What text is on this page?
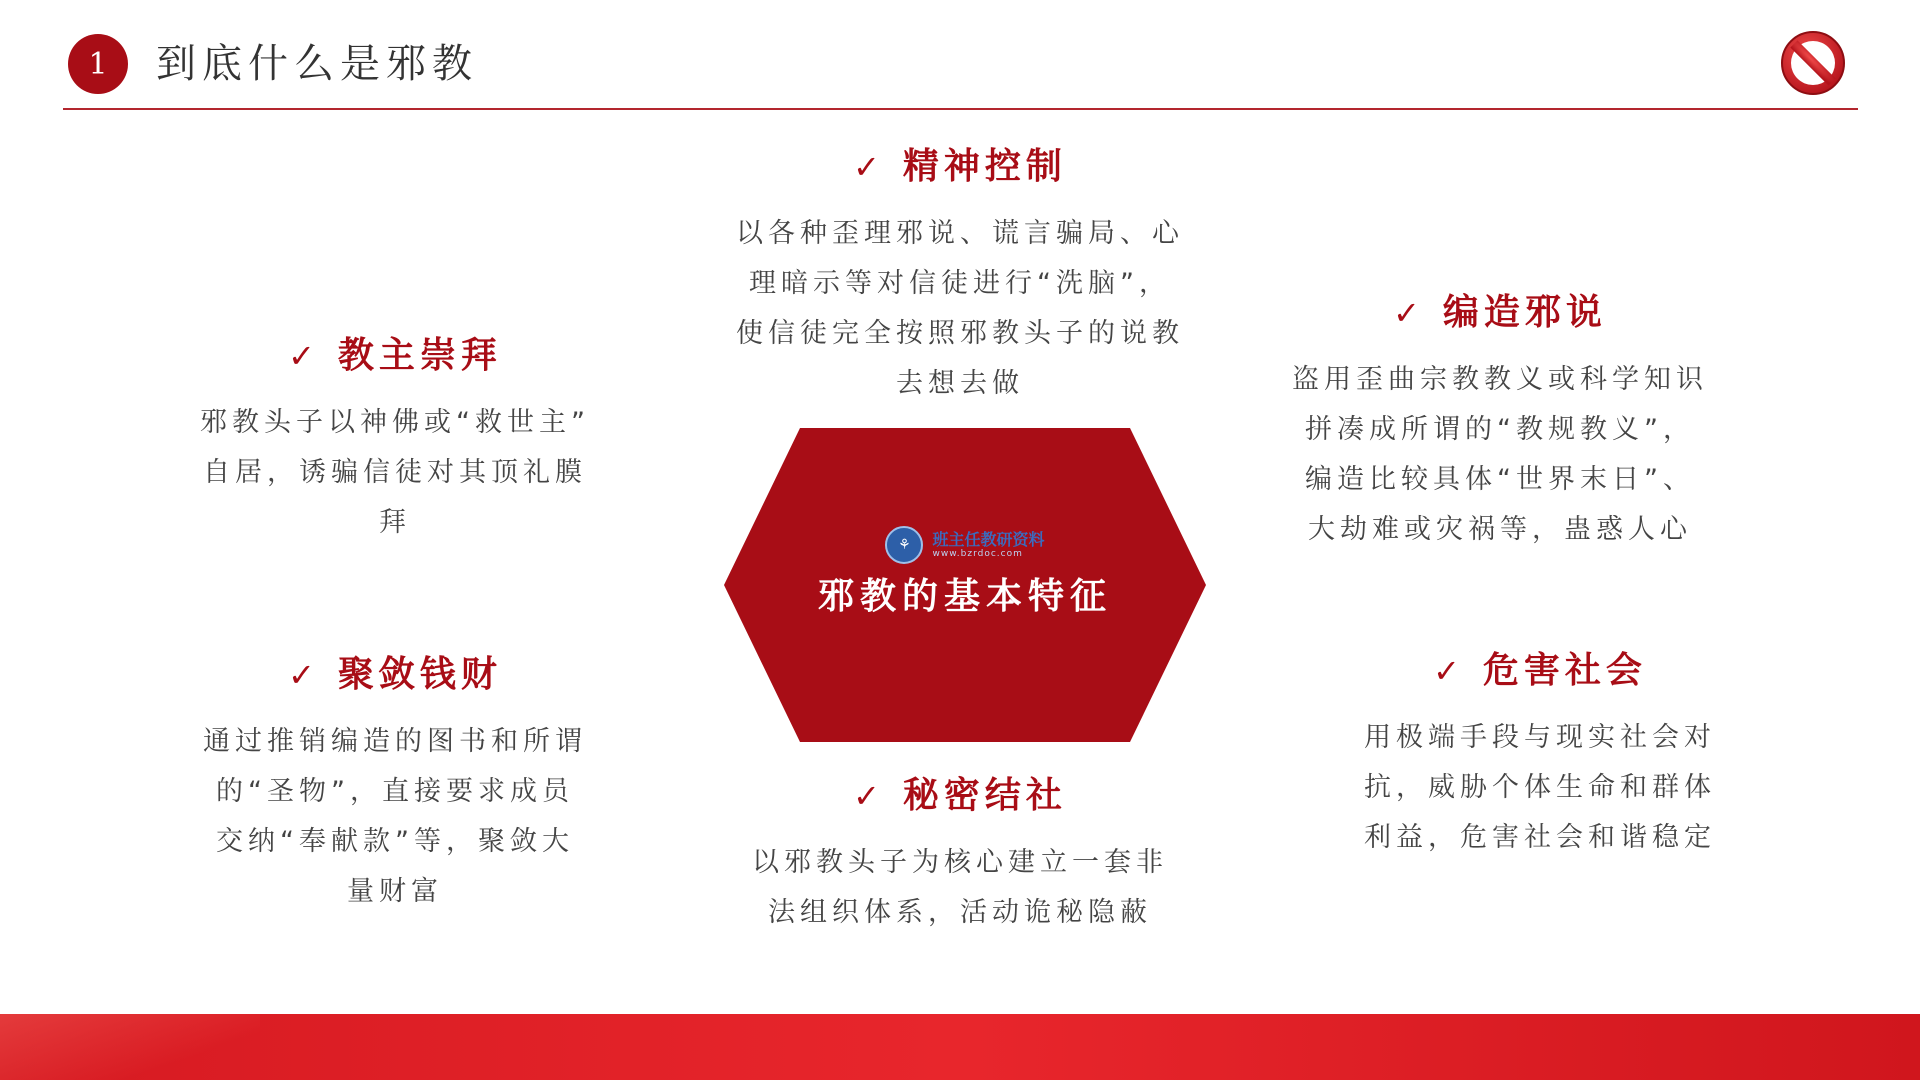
1	到底什么是邪教
✓ 精神控制
以各种歪理邪说、谎言骗局、心
理暗示等对信徒进行“洗脑”，
使信徒完全按照邪教头子的说教
去想去做
✓ 教主崇拜
邪教头子以神佛或“救世主”
自居，诱骗信徒对其顶礼膜
拜
✓ 编造邪说
盗用歪曲宗教教义或科学知识
拼凑成所谓的“教规教义”，
编造比较具体“世界末日”、
大劫难或灾祸等，蛊惑人心
⚘ 班主任教研资料
www.bzrdoc.com
邪教的基本特征
✓ 聚敛钱财
通过推销编造的图书和所谓
的“圣物”，直接要求成员
交纳“奉献款”等，聚敛大
量财富
✓ 秘密结社
以邪教头子为核心建立一套非
法组织体系，活动诡秘隐蔽
✓ 危害社会
用极端手段与现实社会对
抗，威胁个体生命和群体
利益，危害社会和谐稳定
